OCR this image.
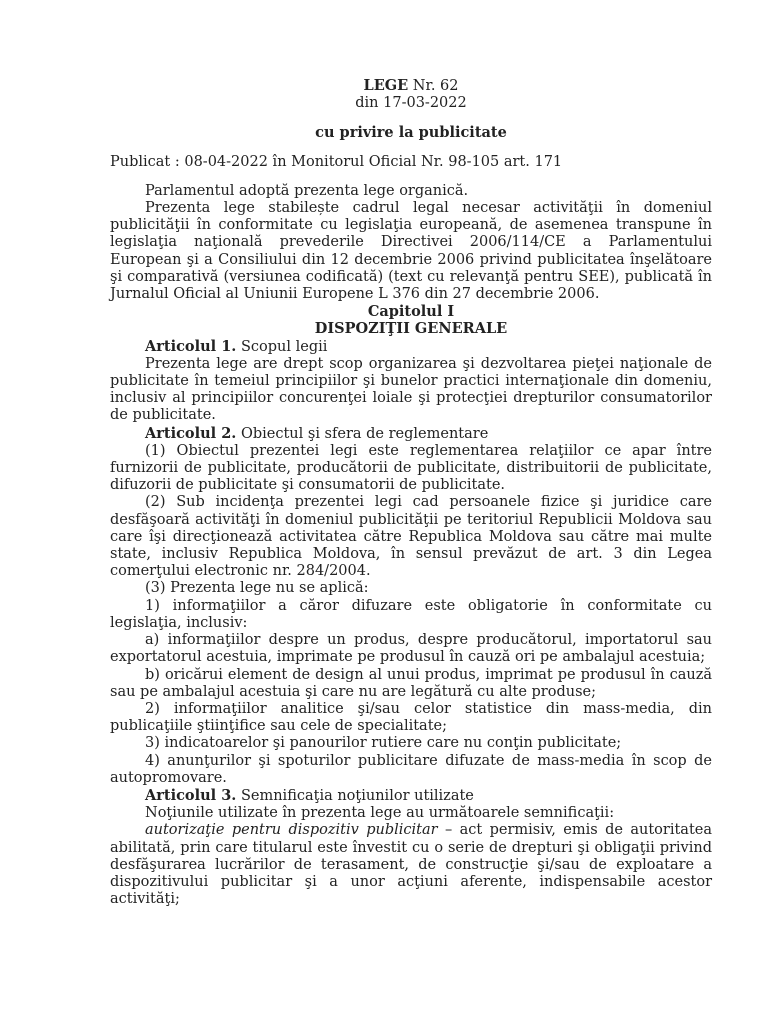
LEGE Nr. 62
din 17-03-2022
cu privire la publicitate
Publicat : 08-04-2022 în Monitorul Oficial Nr. 98-105 art. 171

Parlamentul adoptă prezenta lege organică.

Prezenta lege stabilește cadrul legal necesar activităţii în domeniul publicităţii în conformitate cu legislaţia europeană, de asemenea transpune în legislaţia naţională prevederile Directivei 2006/114/CE a Parlamentului European şi a Consiliului din 12 decembrie 2006 privind publicitatea înşelătoare şi comparativă (versiunea codificată) (text cu relevanţă pentru SEE), publicată în Jurnalul Oficial al Uniunii Europene L 376 din 27 decembrie 2006.

Capitolul I
DISPOZIŢII GENERALE

Articolul 1. Scopul legii

Prezenta lege are drept scop organizarea şi dezvoltarea pieţei naţionale de publicitate în temeiul principiilor şi bunelor practici internaţionale din domeniu, inclusiv al principiilor concurenţei loiale şi protecţiei drepturilor consumatorilor de publicitate.

Articolul 2. Obiectul şi sfera de reglementare

(1) Obiectul prezentei legi este reglementarea relaţiilor ce apar între furnizorii de publicitate, producătorii de publicitate, distribuitorii de publicitate, difuzorii de publicitate şi consumatorii de publicitate.

(2) Sub incidenţa prezentei legi cad persoanele fizice şi juridice care desfăşoară activităţi în domeniul publicităţii pe teritoriul Republicii Moldova sau care îşi direcţionează activitatea către Republica Moldova sau către mai multe state, inclusiv Republica Moldova, în sensul prevăzut de art. 3 din Legea comerţului electronic nr. 284/2004.

(3) Prezenta lege nu se aplică:

1) informaţiilor a căror difuzare este obligatorie în conformitate cu legislaţia, inclusiv:

a) informaţiilor despre un produs, despre producătorul, importatorul sau exportatorul acestuia, imprimate pe produsul în cauză ori pe ambalajul acestuia;

b) oricărui element de design al unui produs, imprimat pe produsul în cauză sau pe ambalajul acestuia şi care nu are legătură cu alte produse;

2) informaţiilor analitice şi/sau celor statistice din mass-media, din publicaţiile ştiinţifice sau cele de specialitate;

3) indicatoarelor şi panourilor rutiere care nu conţin publicitate;

4) anunţurilor şi spoturilor publicitare difuzate de mass-media în scop de autopromovare.

Articolul 3. Semnificaţia noţiunilor utilizate

Noţiunile utilizate în prezenta lege au următoarele semnificaţii:

autorizaţie pentru dispozitiv publicitar – act permisiv, emis de autoritatea abilitată, prin care titularul este învestit cu o serie de drepturi şi obligaţii privind desfăşurarea lucrărilor de terasament, de construcţie şi/sau de exploatare a dispozitivului publicitar şi a unor acţiuni aferente, indispensabile acestor activităţi;
